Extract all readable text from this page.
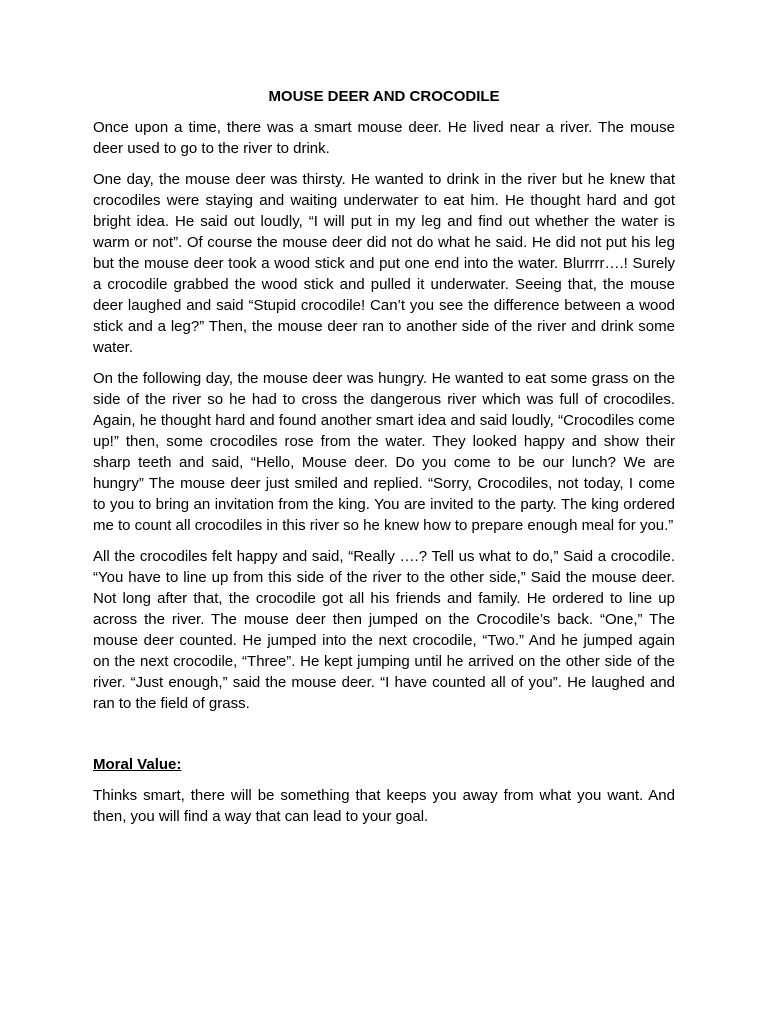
MOUSE DEER AND CROCODILE

Once upon a time, there was a smart mouse deer. He lived near a river. The mouse deer used to go to the river to drink.

One day, the mouse deer was thirsty. He wanted to drink in the river but he knew that crocodiles were staying and waiting underwater to eat him. He thought hard and got bright idea. He said out loudly, “I will put in my leg and find out whether the water is warm or not”. Of course the mouse deer did not do what he said. He did not put his leg but the mouse deer took a wood stick and put one end into the water. Blurrrr….! Surely a crocodile grabbed the wood stick and pulled it underwater. Seeing that, the mouse deer laughed and said “Stupid crocodile! Can’t you see the difference between a wood stick and a leg?” Then, the mouse deer ran to another side of the river and drink some water.

On the following day, the mouse deer was hungry. He wanted to eat some grass on the side of the river so he had to cross the dangerous river which was full of crocodiles. Again, he thought hard and found another smart idea and said loudly, “Crocodiles come up!” then, some crocodiles rose from the water. They looked happy and show their sharp teeth and said, “Hello, Mouse deer. Do you come to be our lunch? We are hungry” The mouse deer just smiled and replied. “Sorry, Crocodiles, not today, I come to you to bring an invitation from the king. You are invited to the party. The king ordered me to count all crocodiles in this river so he knew how to prepare enough meal for you.”

All the crocodiles felt happy and said, “Really ….? Tell us what to do,” Said a crocodile. “You have to line up from this side of the river to the other side,” Said the mouse deer. Not long after that, the crocodile got all his friends and family. He ordered to line up across the river. The mouse deer then jumped on the Crocodile’s back. “One,” The mouse deer counted. He jumped into the next crocodile, “Two.” And he jumped again on the next crocodile, “Three”. He kept jumping until he arrived on the other side of the river. “Just enough,” said the mouse deer. “I have counted all of you”. He laughed and ran to the field of grass.

Moral Value:

Thinks smart, there will be something that keeps you away from what you want. And then, you will find a way that can lead to your goal.
